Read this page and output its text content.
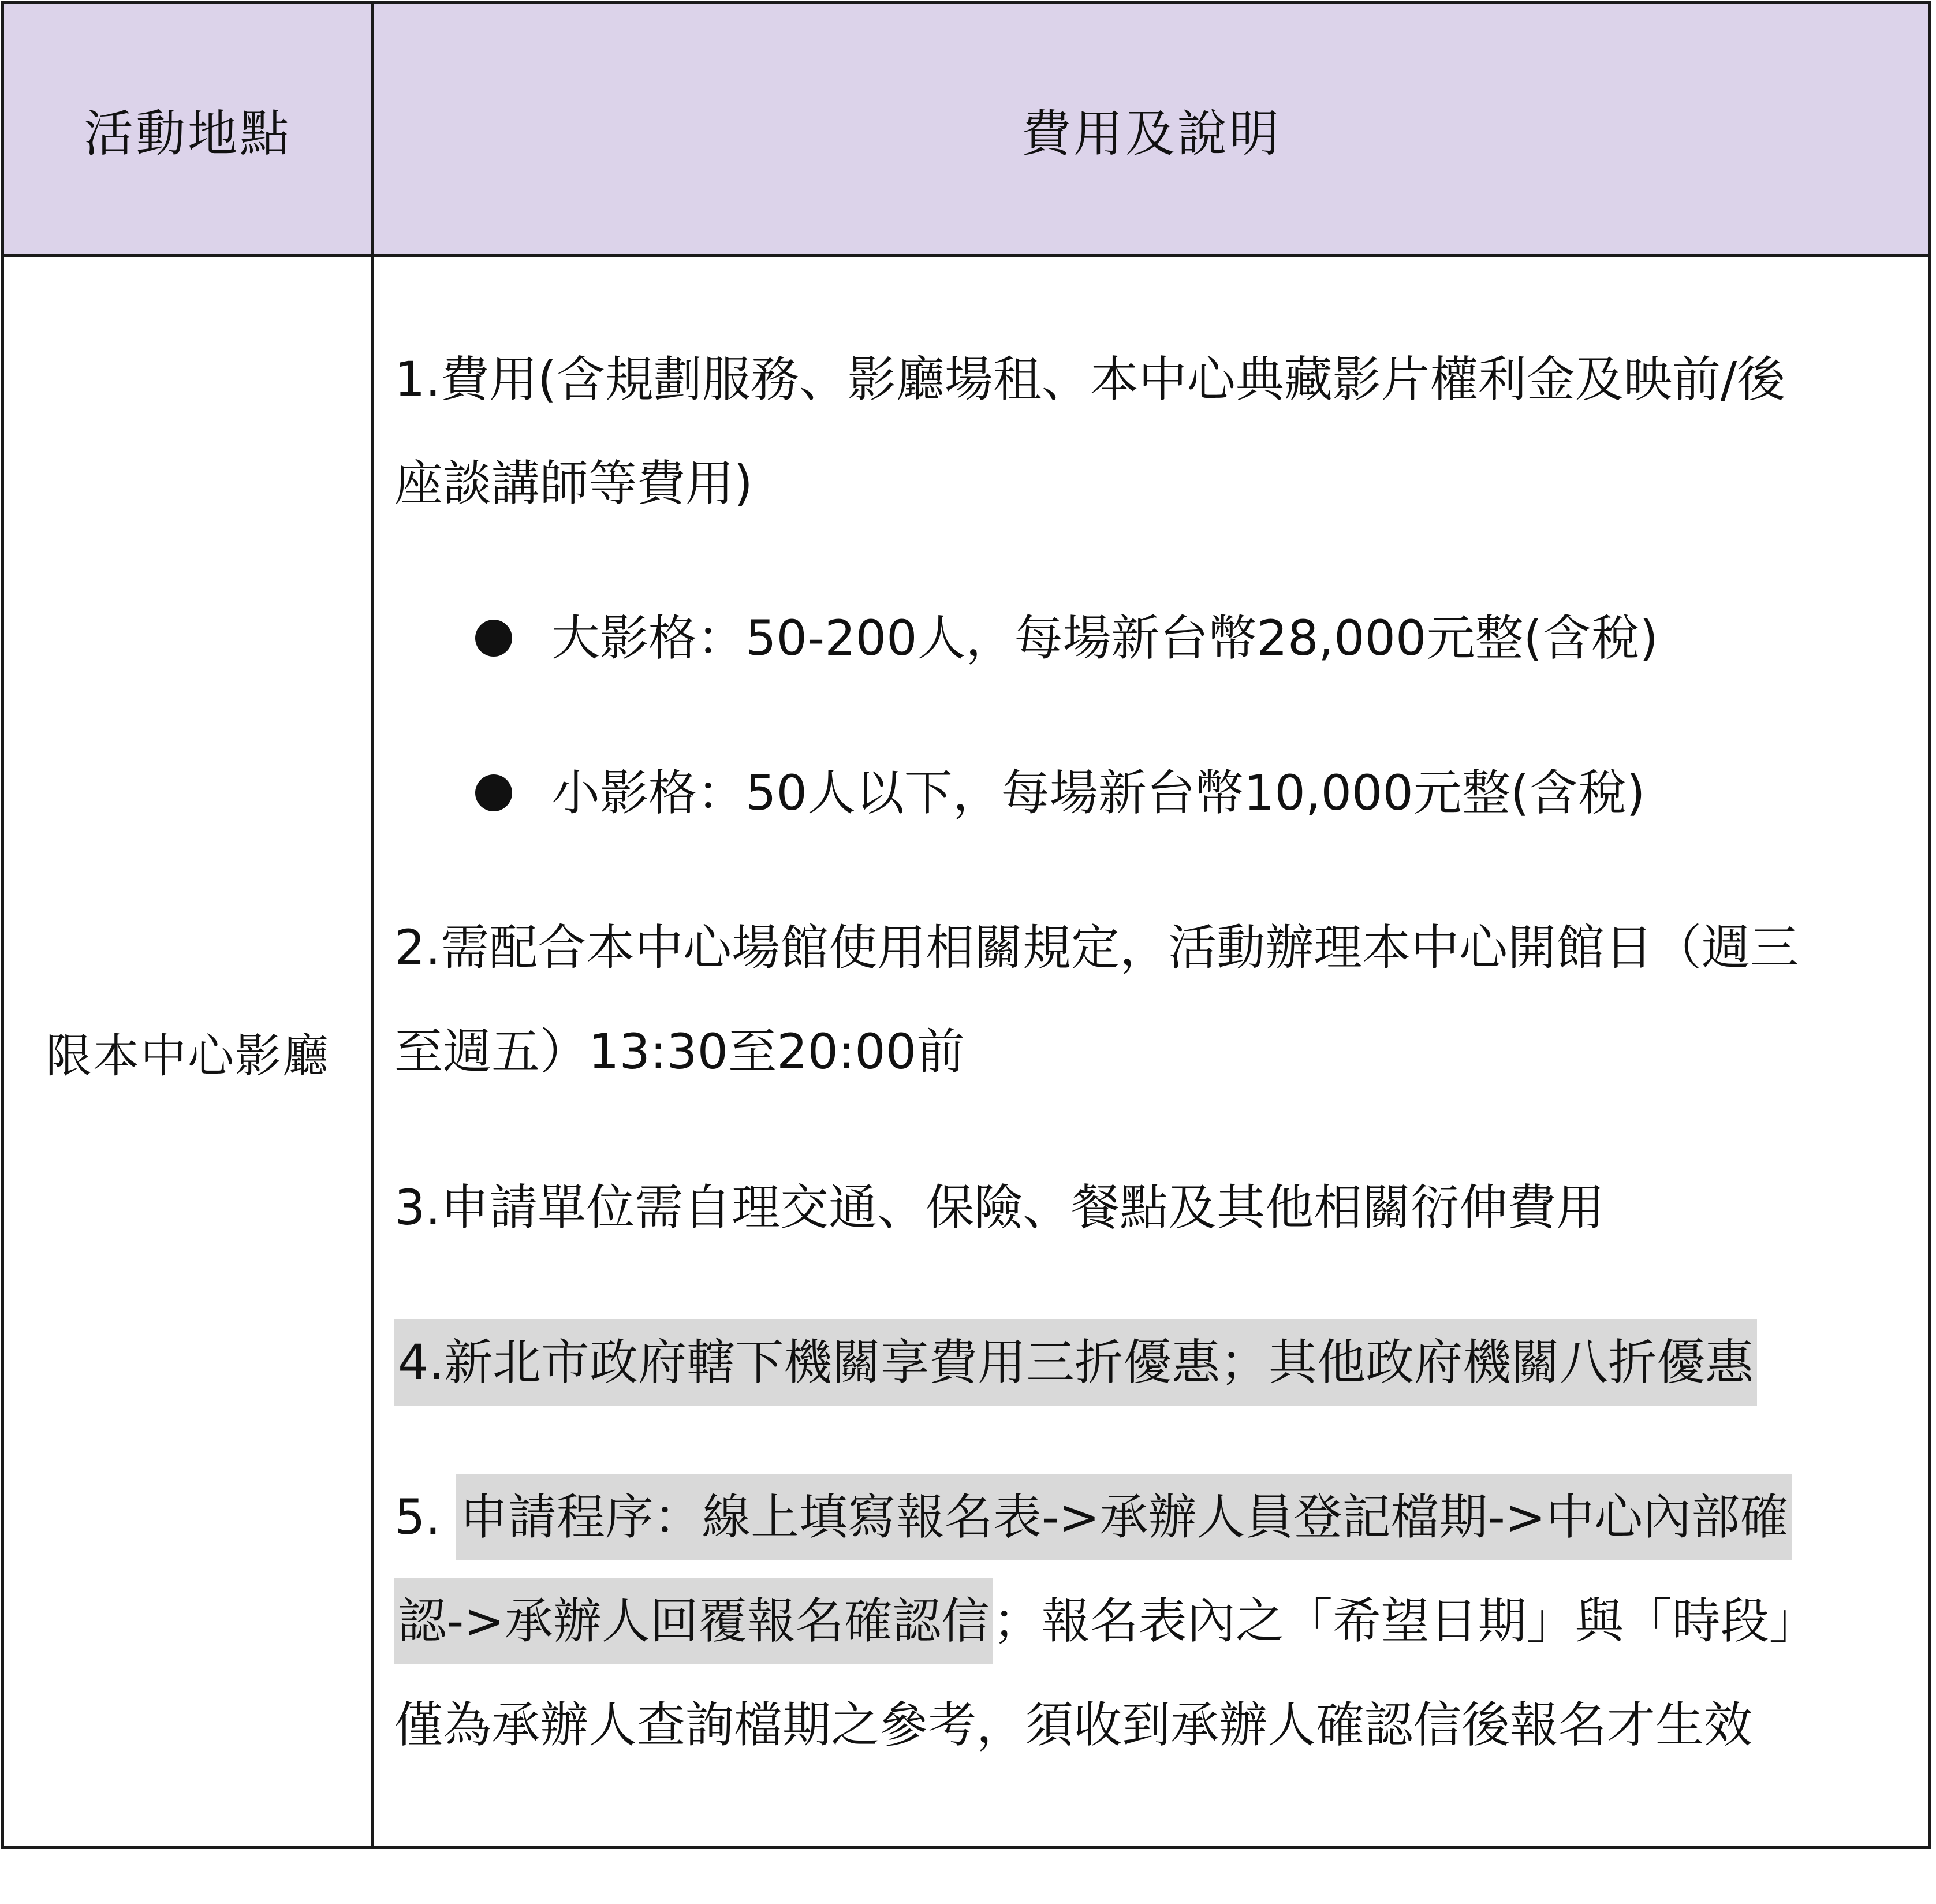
活動地點	費用及說明
限本中心影廳
1.費用(含規劃服務、影廳場租、本中心典藏影片權利金及映前/後
座談講師等費用)
大影格：50-200人，每場新台幣28,000元整(含稅)
小影格：50人以下，每場新台幣10,000元整(含稅)
2.需配合本中心場館使用相關規定，活動辦理本中心開館日（週三
至週五）13:30至20:00前
3.申請單位需自理交通、保險、餐點及其他相關衍伸費用
4.新北市政府轄下機關享費用三折優惠；其他政府機關八折優惠
5. 申請程序：線上填寫報名表->承辦人員登記檔期->中心內部確
認->承辦人回覆報名確認信；報名表內之「希望日期」與「時段」
僅為承辦人查詢檔期之參考，須收到承辦人確認信後報名才生效
